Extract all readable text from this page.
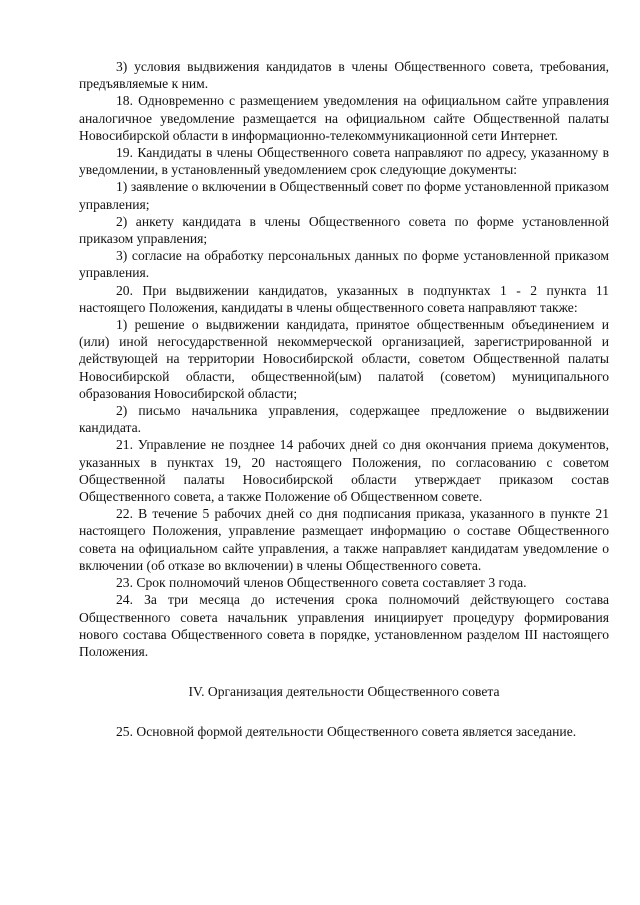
3) условия выдвижения кандидатов в члены Общественного совета, требования, предъявляемые к ним.

18. Одновременно с размещением уведомления на официальном сайте управления аналогичное уведомление размещается на официальном сайте Общественной палаты Новосибирской области в информационно-телекоммуникационной сети Интернет.

19. Кандидаты в члены Общественного совета направляют по адресу, указанному в уведомлении, в установленный уведомлением срок следующие документы:

1) заявление о включении в Общественный совет по форме установленной приказом управления;

2) анкету кандидата в члены Общественного совета по форме установленной приказом управления;

3) согласие на обработку персональных данных по форме установленной приказом управления.

20. При выдвижении кандидатов, указанных в подпунктах 1 - 2 пункта 11 настоящего Положения, кандидаты в члены общественного совета направляют также:

1) решение о выдвижении кандидата, принятое общественным объединением и (или) иной негосударственной некоммерческой организацией, зарегистрированной и действующей на территории Новосибирской области, советом Общественной палаты Новосибирской области, общественной(ым) палатой (советом) муниципального образования Новосибирской области;

2) письмо начальника управления, содержащее предложение о выдвижении кандидата.

21. Управление не позднее 14 рабочих дней со дня окончания приема документов, указанных в пунктах 19, 20 настоящего Положения, по согласованию с советом Общественной палаты Новосибирской области утверждает приказом состав Общественного совета, а также Положение об Общественном совете.

22. В течение 5 рабочих дней со дня подписания приказа, указанного в пункте 21 настоящего Положения, управление размещает информацию о составе Общественного совета на официальном сайте управления, а также направляет кандидатам уведомление о включении (об отказе во включении) в члены Общественного совета.

23. Срок полномочий членов Общественного совета составляет 3 года.

24. За три месяца до истечения срока полномочий действующего состава Общественного совета начальник управления инициирует процедуру формирования нового состава Общественного совета в порядке, установленном разделом III настоящего Положения.

IV. Организация деятельности Общественного совета

25. Основной формой деятельности Общественного совета является заседание.
